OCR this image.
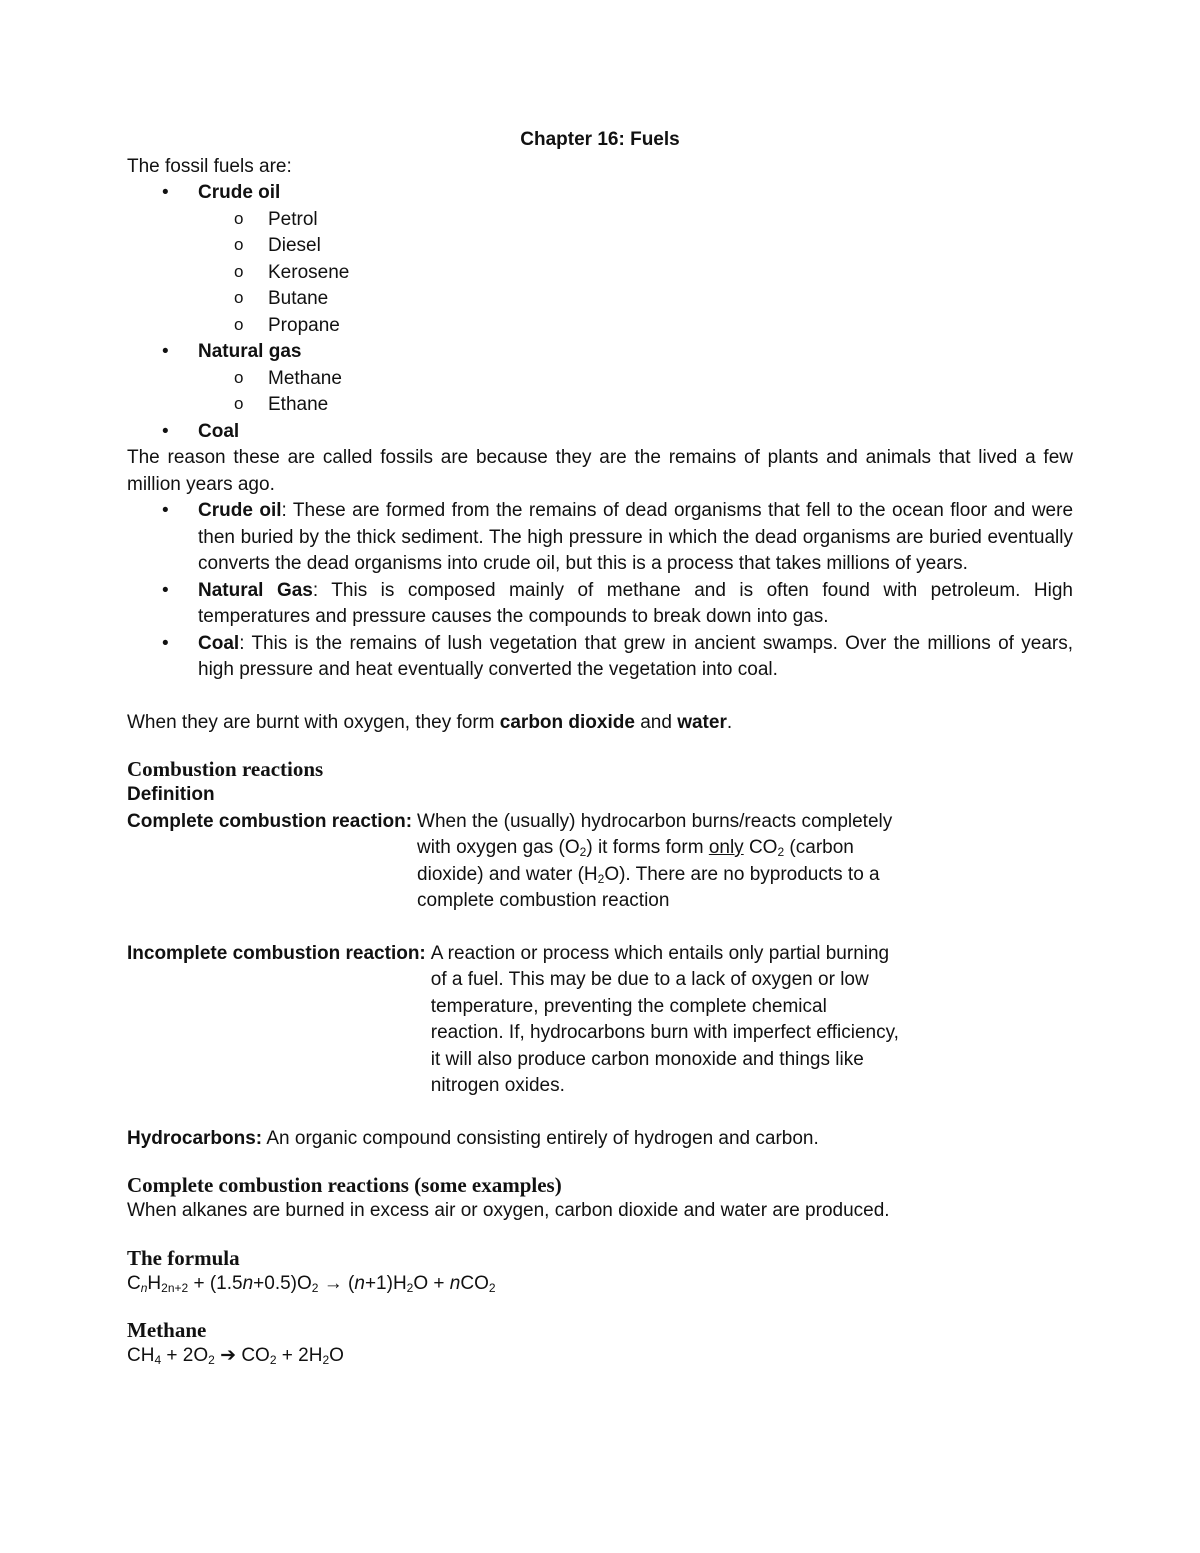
Chapter 16: Fuels

The fossil fuels are:

• Crude oil
o Petrol
o Diesel
o Kerosene
o Butane
o Propane
• Natural gas
o Methane
o Ethane
• Coal

The reason these are called fossils are because they are the remains of plants and animals that lived a few million years ago.

• Crude oil: These are formed from the remains of dead organisms that fell to the ocean floor and were then buried by the thick sediment. The high pressure in which the dead organisms are buried eventually converts the dead organisms into crude oil, but this is a process that takes millions of years.
• Natural Gas: This is composed mainly of methane and is often found with petroleum. High temperatures and pressure causes the compounds to break down into gas.
• Coal: This is the remains of lush vegetation that grew in ancient swamps. Over the millions of years, high pressure and heat eventually converted the vegetation into coal.

When they are burnt with oxygen, they form carbon dioxide and water.

Combustion reactions

Definition

Complete combustion reaction: When the (usually) hydrocarbon burns/reacts completely with oxygen gas $(O_2)$ it forms form only $CO_2$ (carbon dioxide) and water $(H_2O)$. There are no byproducts to a complete combustion reaction
Incomplete combustion reaction: A reaction or process which entails only partial burning of a fuel. This may be due to a lack of oxygen or low temperature, preventing the complete chemical reaction. If, hydrocarbons burn with imperfect efficiency, it will also produce carbon monoxide and things like nitrogen oxides.

Hydrocarbons: An organic compound consisting entirely of hydrogen and carbon.

Complete combustion reactions (some examples)

When alkanes are burned in excess air or oxygen, carbon dioxide and water are produced.

The formula

$C_nH_{2n+2} + (1.5n+0.5)O_2 \to (n+1)H_2O + nCO_2$

Methane

$CH_4 + 2O_2$ ➔ $CO_2 + 2H_2O$
